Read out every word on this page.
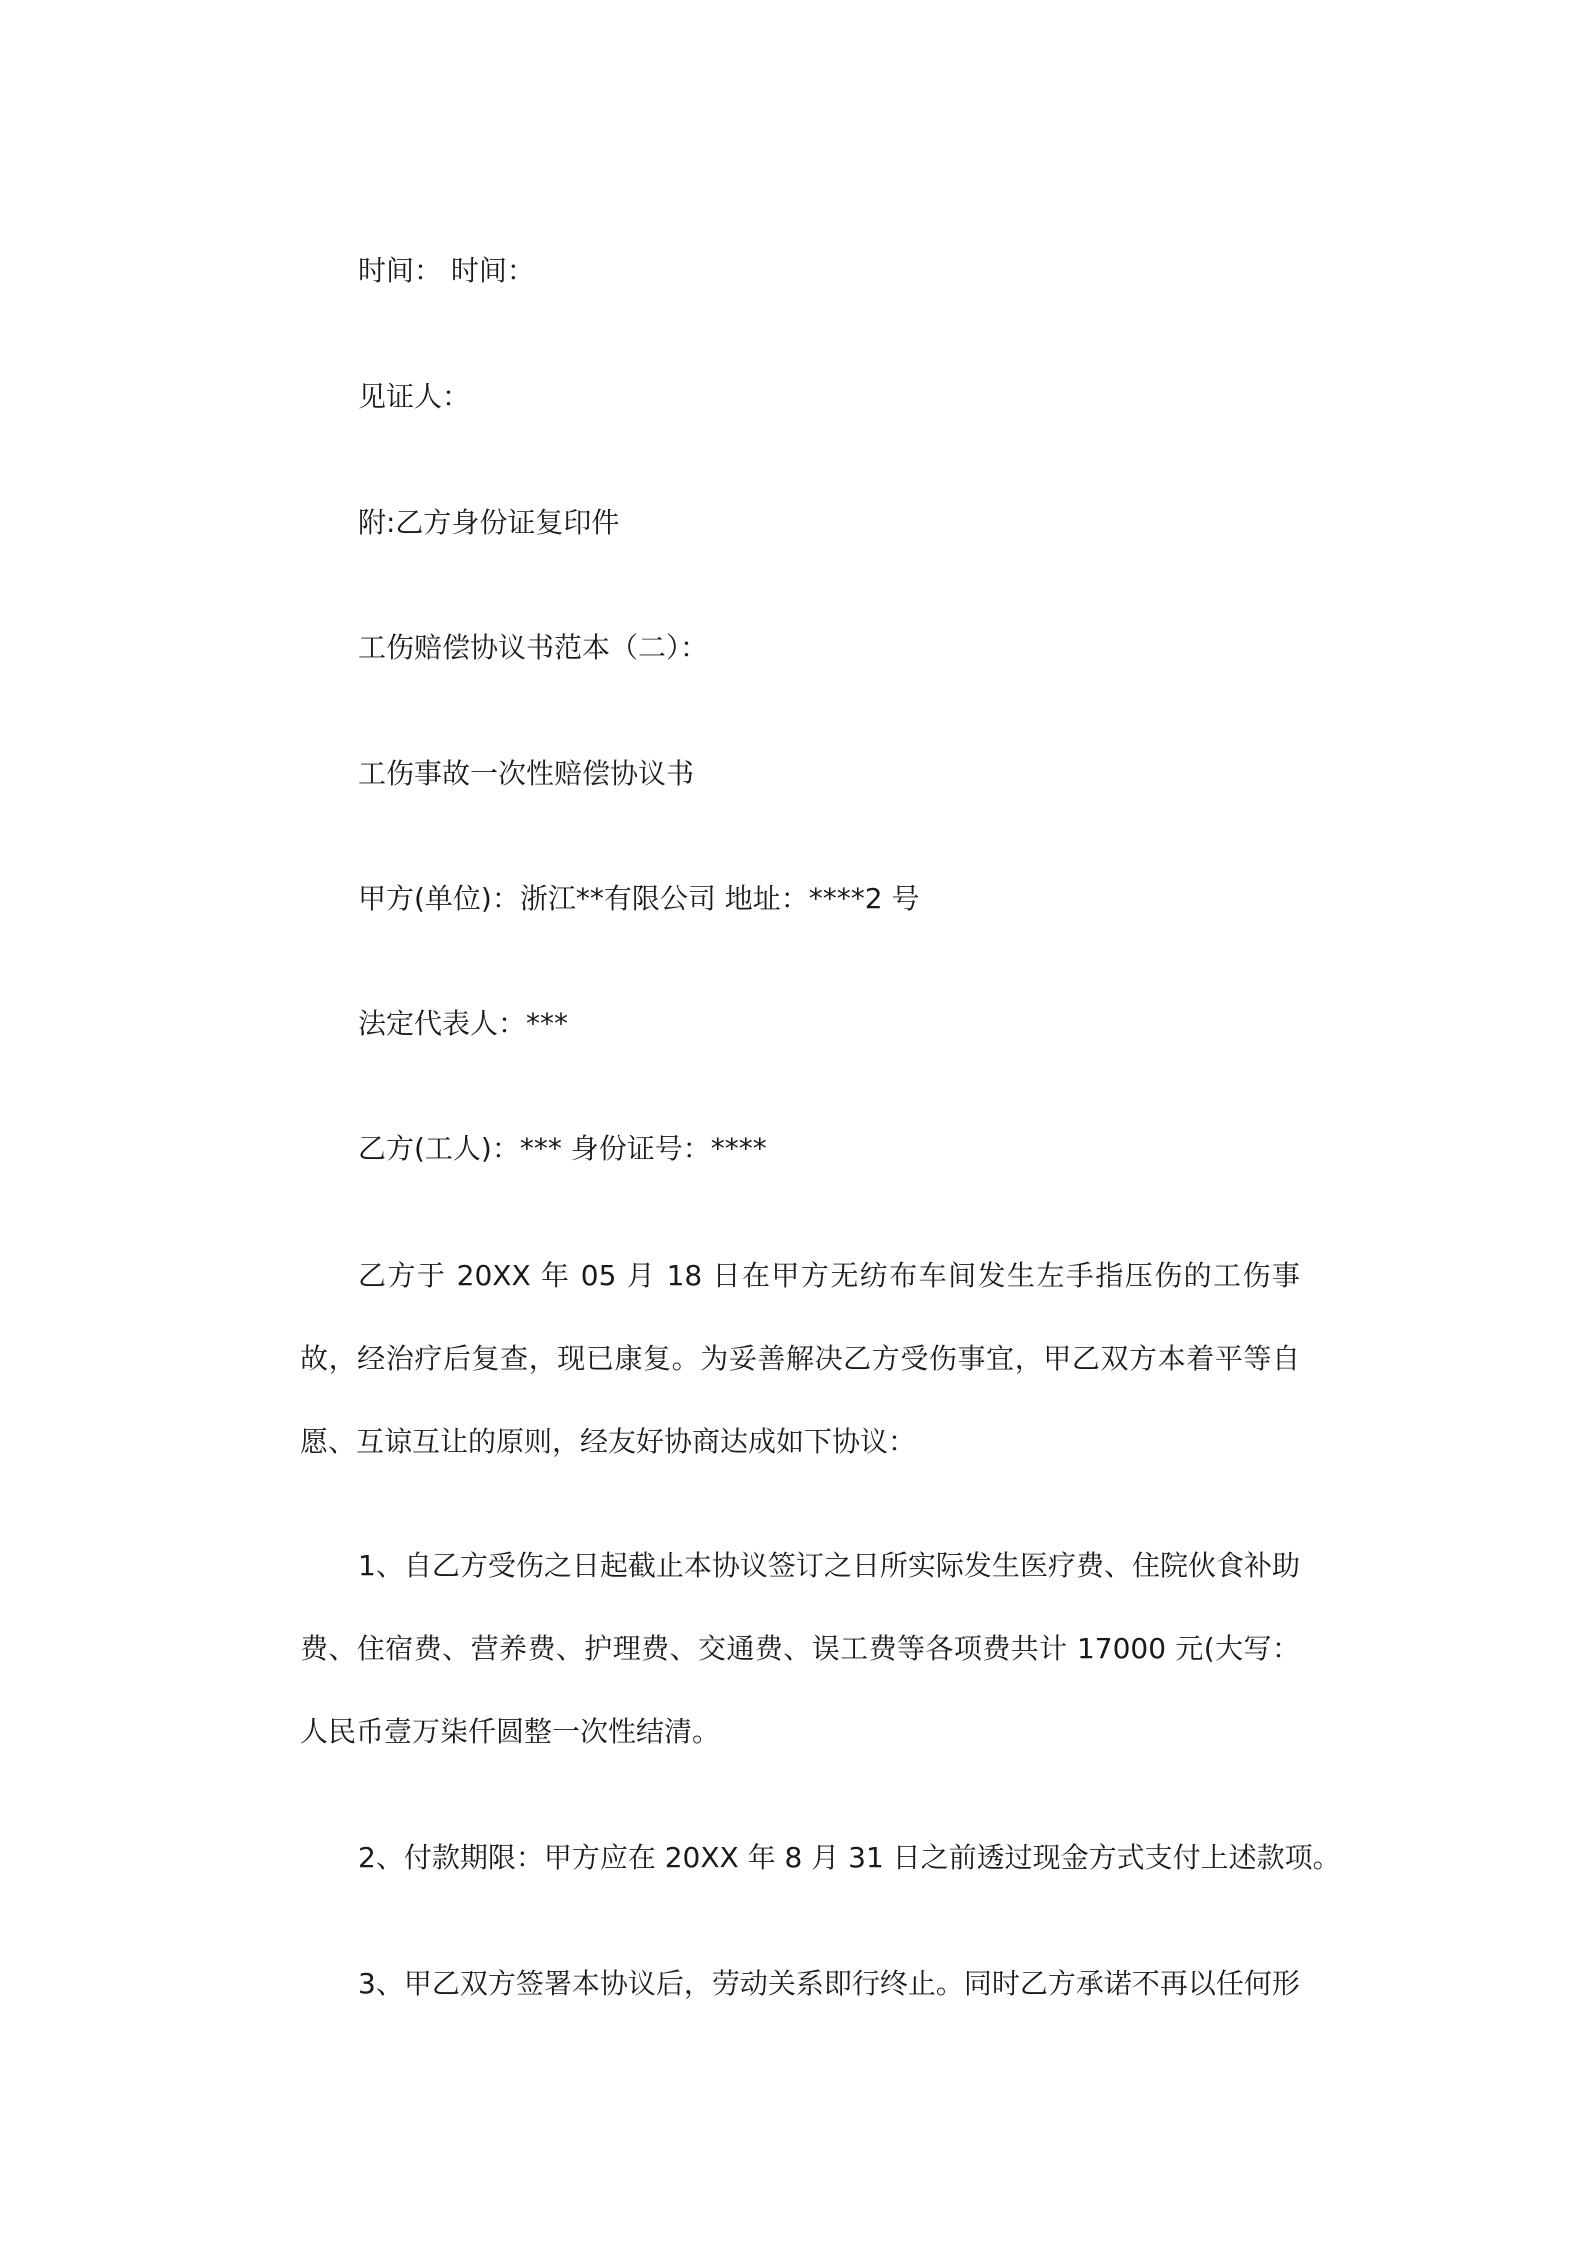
时间： 时间：
见证人：
附:乙方身份证复印件
工伤赔偿协议书范本（二）：
工伤事故一次性赔偿协议书
甲方(单位)：浙江**有限公司 地址：****2 号
法定代表人：***
乙方(工人)：*** 身份证号：****
乙方于 20XX 年 05 月 18 日在甲方无纺布车间发生左手指压伤的工伤事故，经治疗后复查，现已康复。为妥善解决乙方受伤事宜，甲乙双方本着平等自愿、互谅互让的原则，经友好协商达成如下协议：
1、自乙方受伤之日起截止本协议签订之日所实际发生医疗费、住院伙食补助费、住宿费、营养费、护理费、交通费、误工费等各项费共计 17000 元(大写：人民币壹万柒仟圆整一次性结清。
2、付款期限：甲方应在 20XX 年 8 月 31 日之前透过现金方式支付上述款项。
3、甲乙双方签署本协议后，劳动关系即行终止。同时乙方承诺不再以任何形
